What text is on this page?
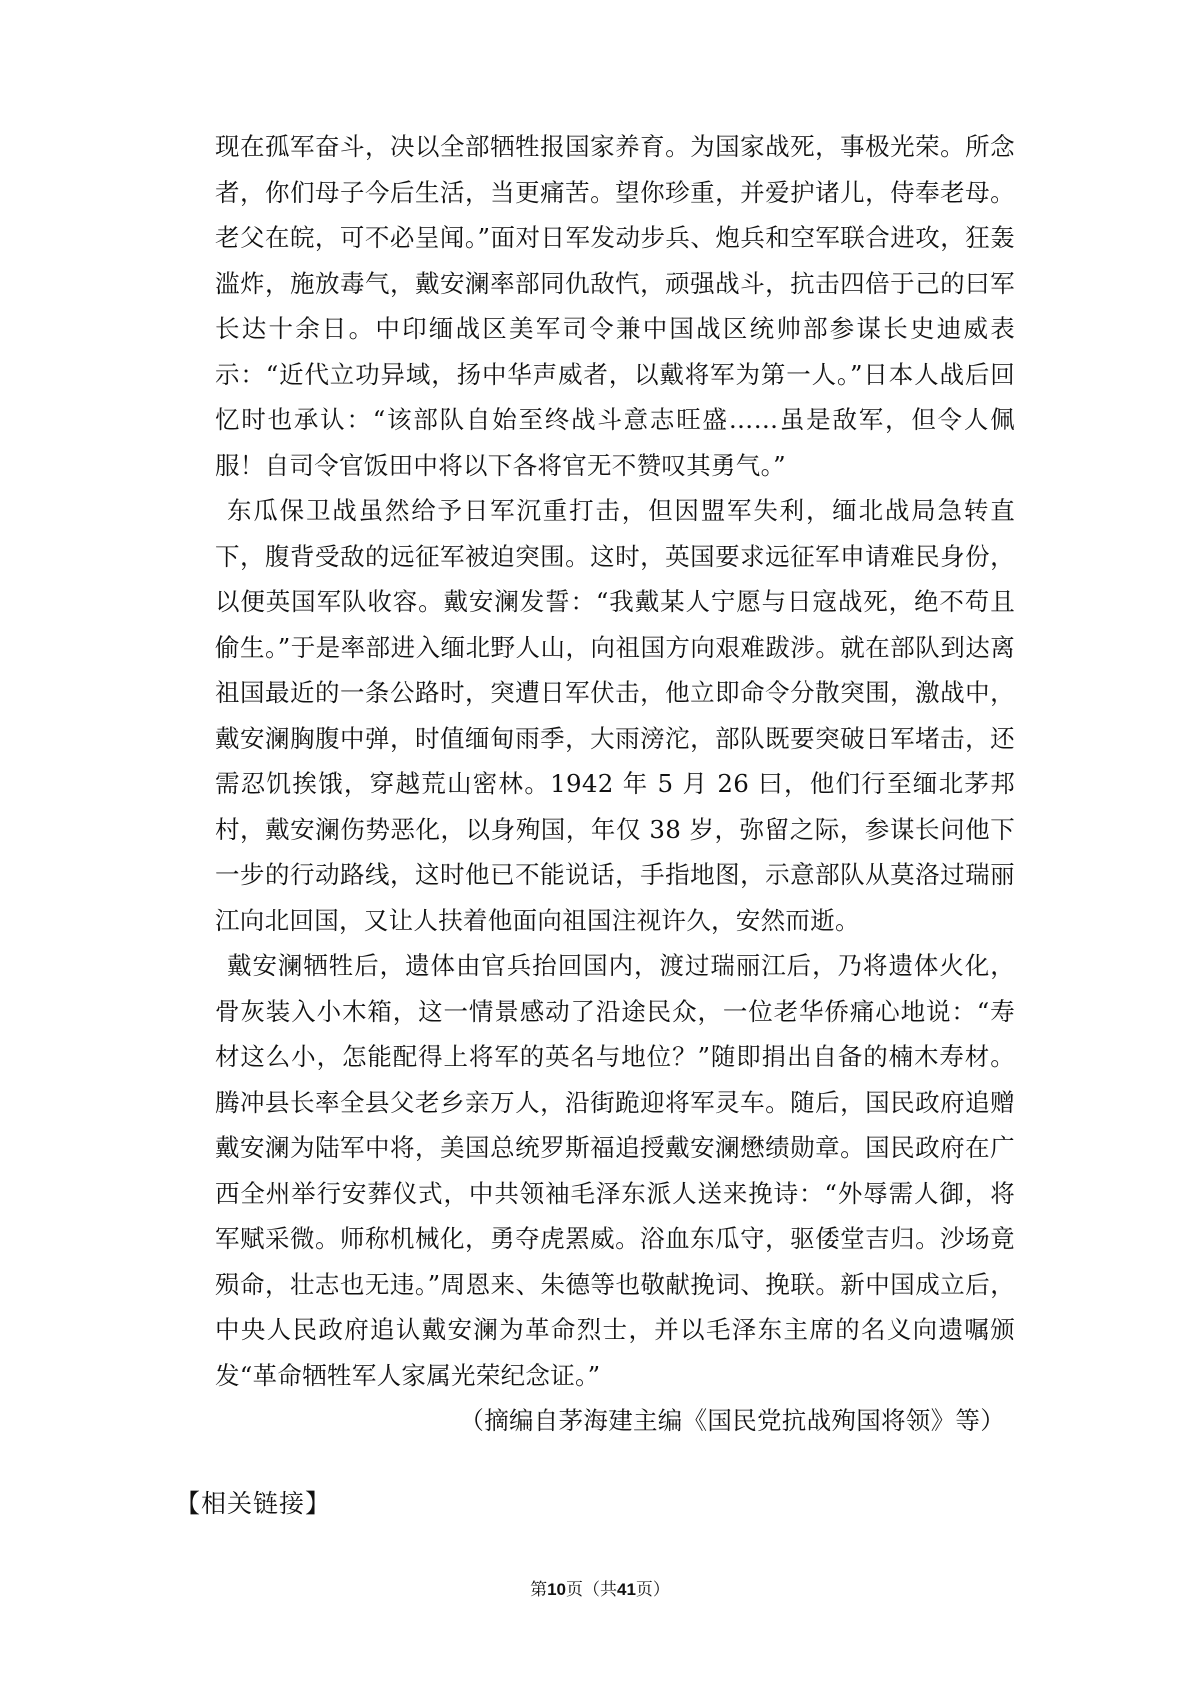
现在孤军奋斗，决以全部牺牲报国家养育。为国家战死，事极光荣。所念者，你们母子今后生活，当更痛苦。望你珍重，并爱护诸儿，侍奉老母。老父在皖，可不必呈闻。”面对日军发动步兵、炮兵和空军联合进攻，狂轰滥炸，施放毒气，戴安澜率部同仇敌忾，顽强战斗，抗击四倍于己的曰军长达十余日。中印缅战区美军司令兼中国战区统帅部参谋长史迪威表示：“近代立功异域，扬中华声威者，以戴将军为第一人。”日本人战后回忆时也承认：“该部队自始至终战斗意志旺盛……虽是敌军，但令人佩服！自司令官饭田中将以下各将官无不赞叹其勇气。”

东瓜保卫战虽然给予日军沉重打击，但因盟军失利，缅北战局急转直下，腹背受敌的远征军被迫突围。这时，英国要求远征军申请难民身份，以便英国军队收容。戴安澜发誓：“我戴某人宁愿与日寇战死，绝不苟且偷生。”于是率部进入缅北野人山，向祖国方向艰难跋涉。就在部队到达离祖国最近的一条公路时，突遭日军伏击，他立即命令分散突围，激战中，戴安澜胸腹中弹，时值缅甸雨季，大雨滂沱，部队既要突破日军堵击，还需忍饥挨饿，穿越荒山密林。1942 年 5 月 26 曰，他们行至缅北茅邦村，戴安澜伤势恶化，以身殉国，年仅 38 岁，弥留之际，参谋长问他下一步的行动路线，这时他已不能说话，手指地图，示意部队从莫洛过瑞丽江向北回国，又让人扶着他面向祖国注视许久，安然而逝。

戴安澜牺牲后，遗体由官兵抬回国内，渡过瑞丽江后，乃将遗体火化，骨灰装入小木箱，这一情景感动了沿途民众，一位老华侨痛心地说：“寿材这么小，怎能配得上将军的英名与地位？”随即捐出自备的楠木寿材。腾冲县长率全县父老乡亲万人，沿街跪迎将军灵车。随后，国民政府追赠戴安澜为陆军中将，美国总统罗斯福追授戴安澜懋绩勋章。国民政府在广西全州举行安葬仪式，中共领袖毛泽东派人送来挽诗：“外辱需人御，将军赋采微。师称机械化，勇夺虎罴威。浴血东瓜守，驱倭堂吉归。沙场竟殒命，壮志也无违。”周恩来、朱德等也敬献挽词、挽联。新中国成立后，中央人民政府追认戴安澜为革命烈士，并以毛泽东主席的名义向遗嘱颁发“革命牺牲军人家属光荣纪念证。”

（摘编自茅海建主编《国民党抗战殉国将领》等）

【相关链接】
第10页（共41页）
